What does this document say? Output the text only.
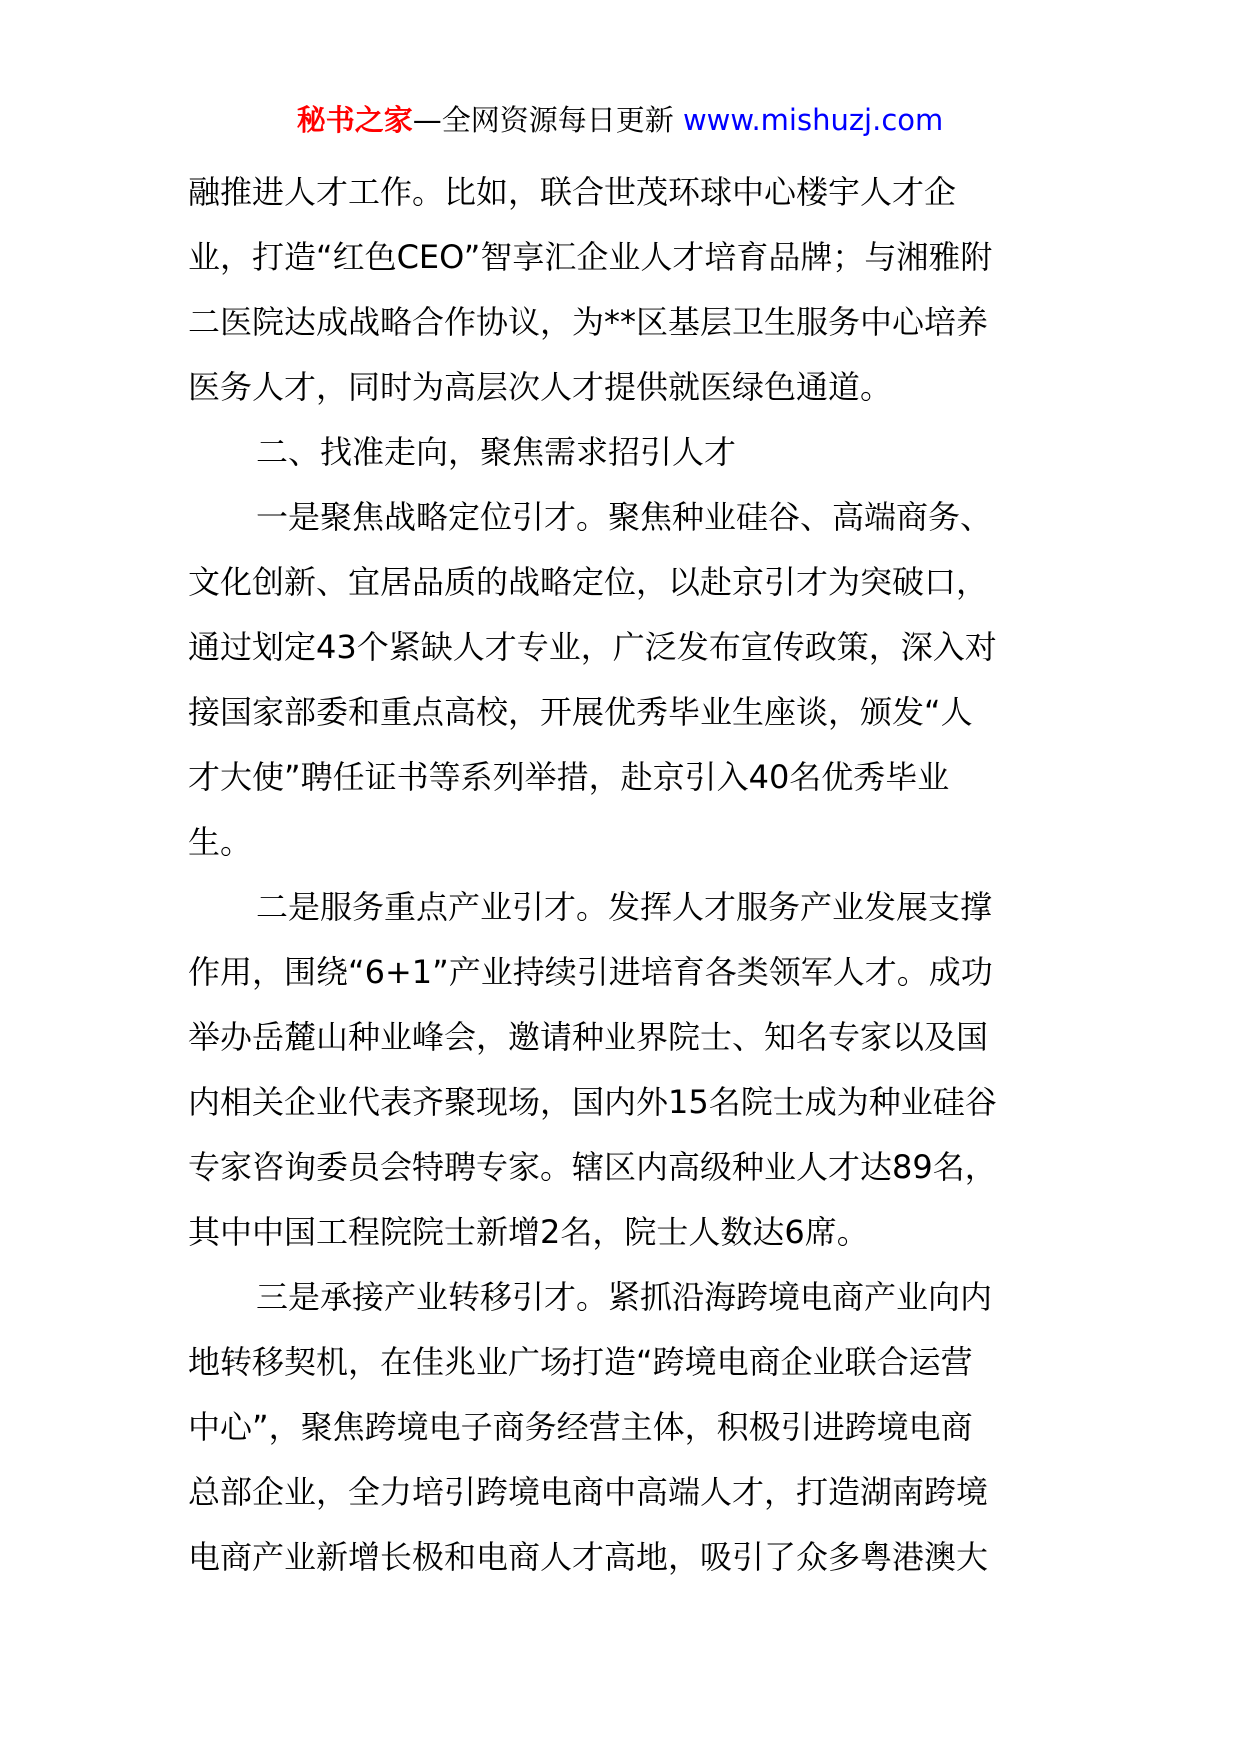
秘书之家—全网资源每日更新 www.mishuzj.com
融推进人才工作。比如，联合世茂环球中心楼宇人才企
业，打造“红色CEO”智享汇企业人才培育品牌；与湘雅附
二医院达成战略合作协议，为**区基层卫生服务中心培养
医务人才，同时为高层次人才提供就医绿色通道。
二、找准走向，聚焦需求招引人才
一是聚焦战略定位引才。聚焦种业硅谷、高端商务、
文化创新、宜居品质的战略定位，以赴京引才为突破口，
通过划定43个紧缺人才专业，广泛发布宣传政策，深入对
接国家部委和重点高校，开展优秀毕业生座谈，颁发“人
才大使”聘任证书等系列举措，赴京引入40名优秀毕业
生。
二是服务重点产业引才。发挥人才服务产业发展支撑
作用，围绕“6+1”产业持续引进培育各类领军人才。成功
举办岳麓山种业峰会，邀请种业界院士、知名专家以及国
内相关企业代表齐聚现场，国内外15名院士成为种业硅谷
专家咨询委员会特聘专家。辖区内高级种业人才达89名，
其中中国工程院院士新增2名，院士人数达6席。
三是承接产业转移引才。紧抓沿海跨境电商产业向内
地转移契机，在佳兆业广场打造“跨境电商企业联合运营
中心”，聚焦跨境电子商务经营主体，积极引进跨境电商
总部企业，全力培引跨境电商中高端人才，打造湖南跨境
电商产业新增长极和电商人才高地，吸引了众多粤港澳大
